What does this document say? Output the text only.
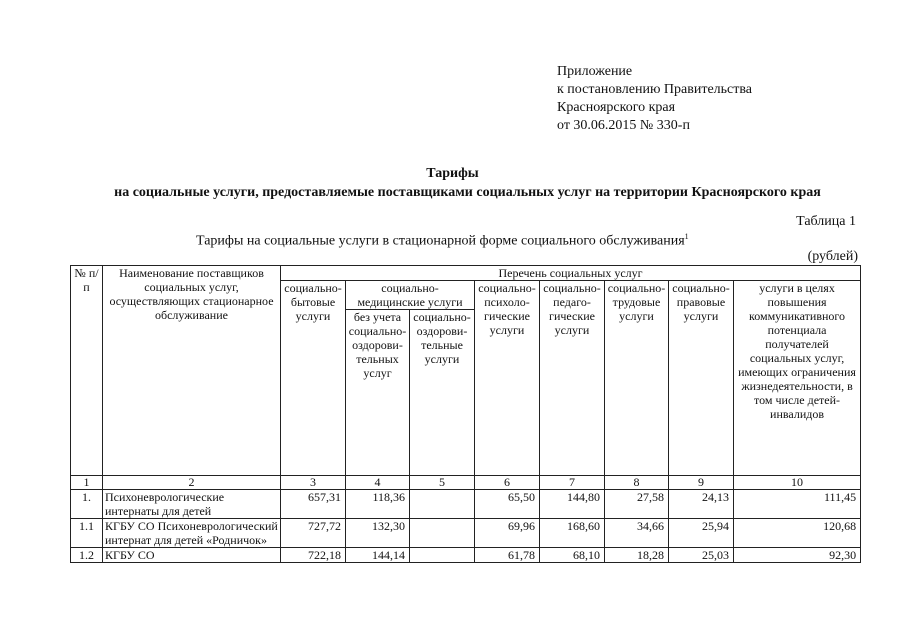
Приложение
к постановлению Правительства
Красноярского края
от 30.06.2015 № 330-п
Тарифы
на социальные услуги, предоставляемые поставщиками социальных услуг на территории Красноярского края
Таблица 1
Тарифы на социальные услуги в стационарной форме социального обслуживания$^1$
(рублей)
№ п/п	Наименование поставщиков социальных услуг, осуществляющих стационарное обслуживание	Перечень социальных услуг							
		социально-бытовые услуги	социально-медицинские услуги		социально-психоло-гические услуги	социально-педаго-гические услуги	социально-трудовые услуги	социально-правовые услуги	услуги в целях повышения коммуникативного потенциала получателей социальных услуг, имеющих ограничения жизнедеятельности, в том числе детей-инвалидов
			без учета социально-оздорови-тельных услуг	социально-оздорови-тельные услуги					
1	2	3	4	5	6	7	8	9	10
1.	Психоневрологические интернаты для детей	657,31	118,36		65,50	144,80	27,58	24,13	111,45
1.1	КГБУ СО Психоневрологический интернат для детей «Родничок»	727,72	132,30		69,96	168,60	34,66	25,94	120,68
1.2	КГБУ СО	722,18	144,14		61,78	68,10	18,28	25,03	92,30
